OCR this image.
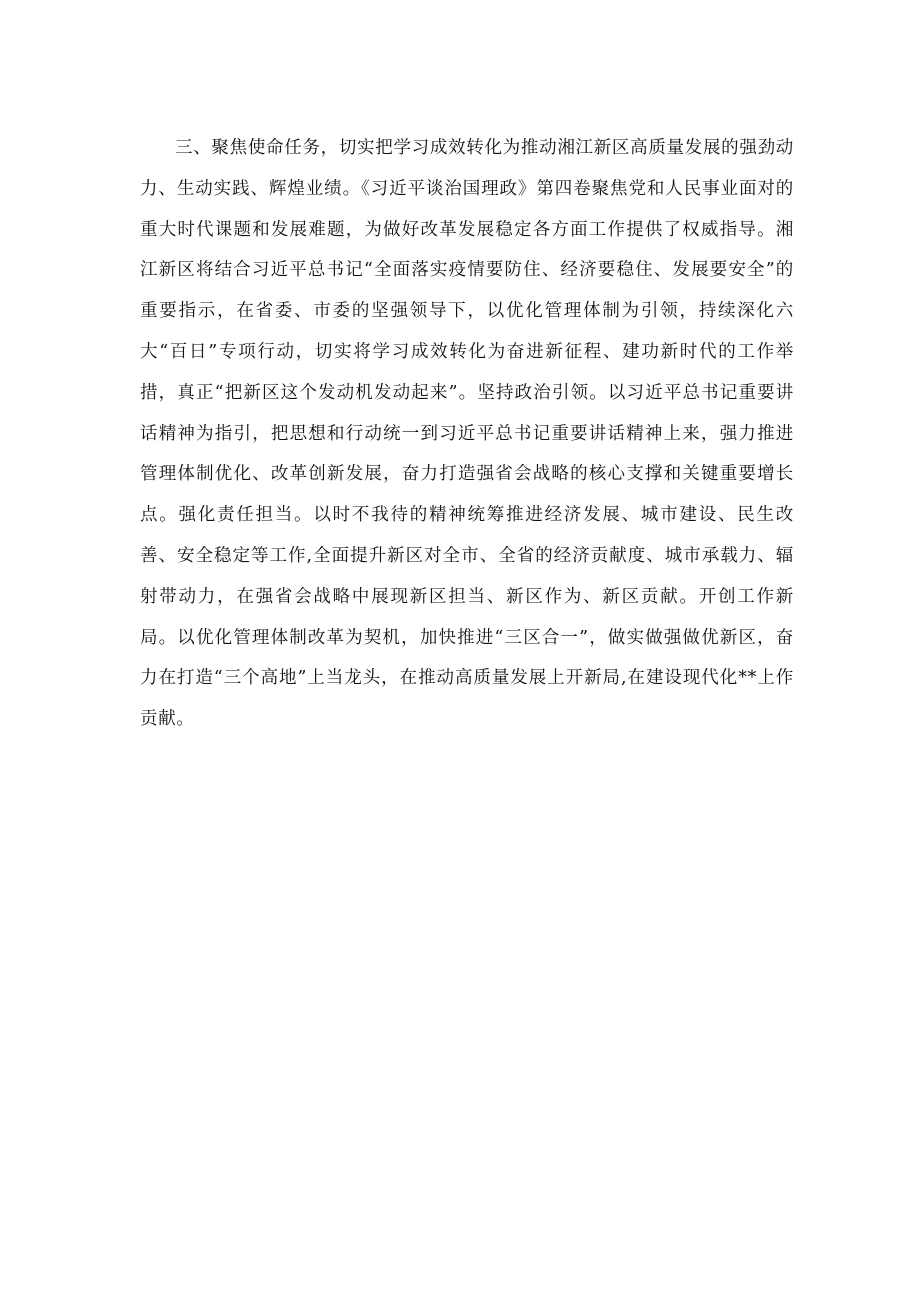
三、聚焦使命任务，切实把学习成效转化为推动湘江新区高质量发展的强劲动力、生动实践、辉煌业绩。《习近平谈治国理政》第四卷聚焦党和人民事业面对的重大时代课题和发展难题，为做好改革发展稳定各方面工作提供了权威指导。湘江新区将结合习近平总书记“全面落实疫情要防住、经济要稳住、发展要安全”的重要指示，在省委、市委的坚强领导下，以优化管理体制为引领，持续深化六大“百日”专项行动，切实将学习成效转化为奋进新征程、建功新时代的工作举措，真正“把新区这个发动机发动起来”。坚持政治引领。以习近平总书记重要讲话精神为指引，把思想和行动统一到习近平总书记重要讲话精神上来，强力推进管理体制优化、改革创新发展，奋力打造强省会战略的核心支撑和关键重要增长点。强化责任担当。以时不我待的精神统筹推进经济发展、城市建设、民生改善、安全稳定等工作,全面提升新区对全市、全省的经济贡献度、城市承载力、辐射带动力，在强省会战略中展现新区担当、新区作为、新区贡献。开创工作新局。以优化管理体制改革为契机，加快推进“三区合一”，做实做强做优新区，奋力在打造“三个高地”上当龙头，在推动高质量发展上开新局,在建设现代化**上作贡献。
